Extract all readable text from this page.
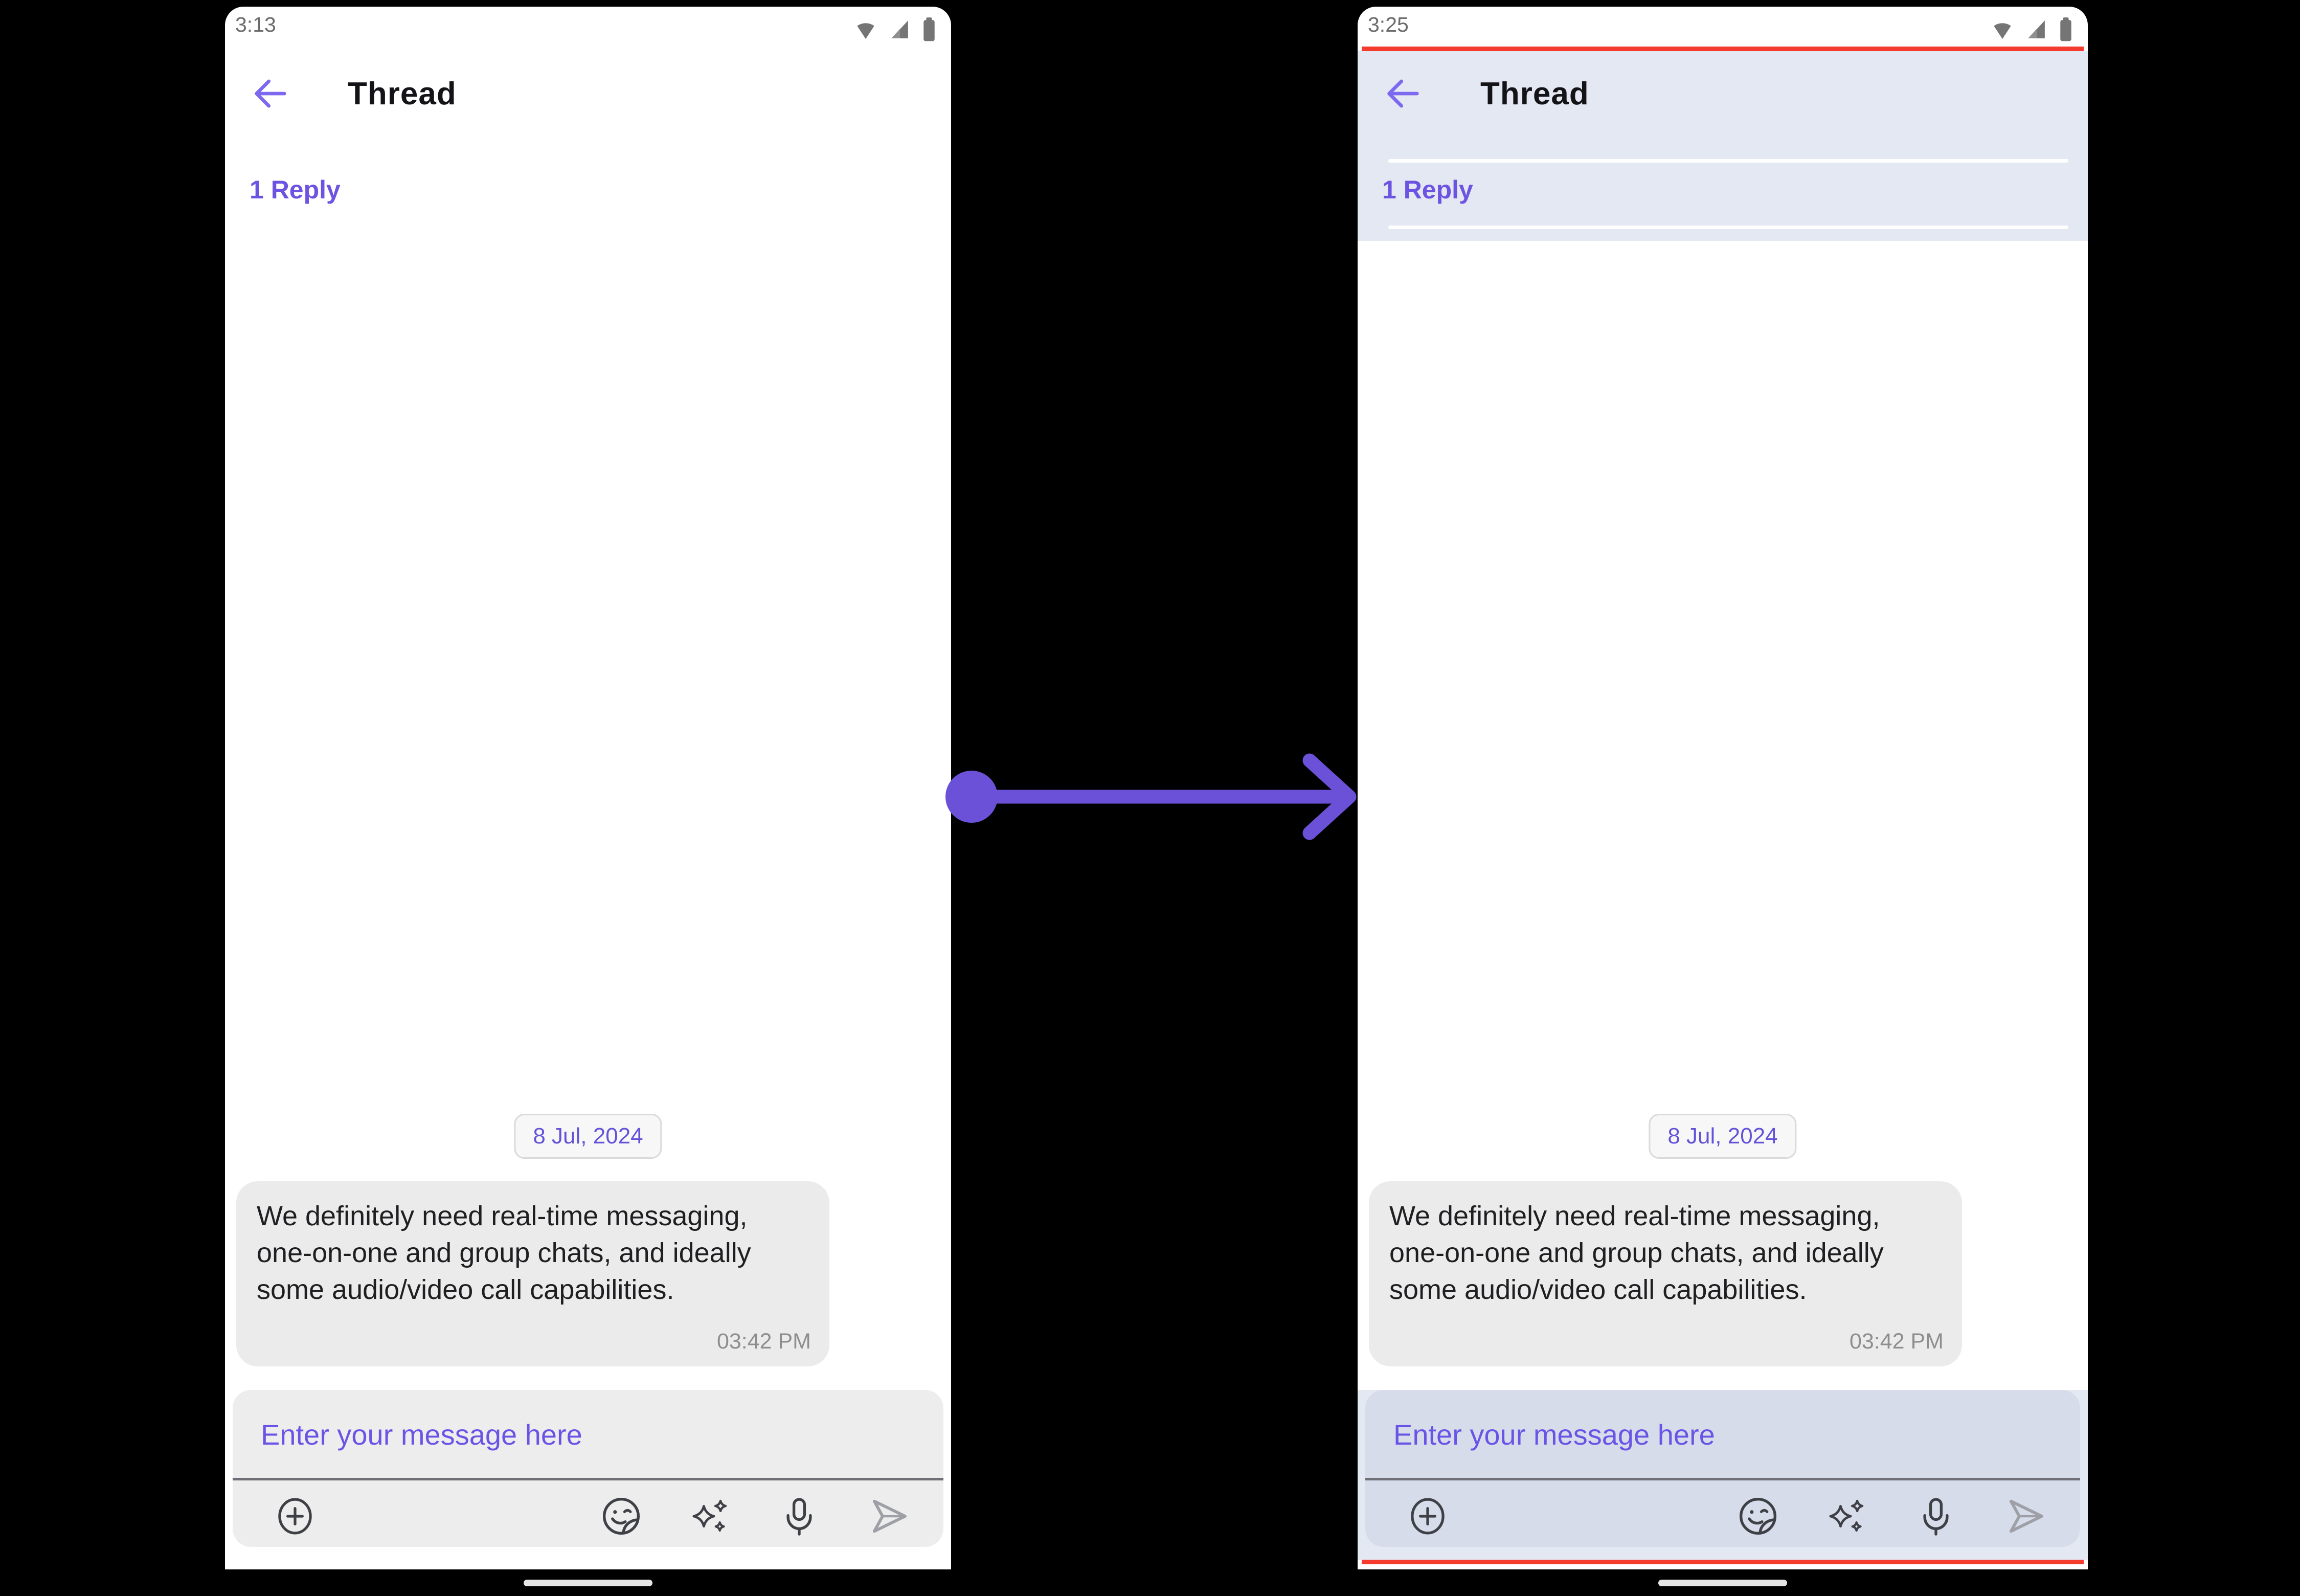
3:13
Thread
1 Reply
8 Jul, 2024
We definitely need real-time messaging, one-on-one and group chats, and ideally some audio/video call capabilities.
03:42 PM
Enter your message here
3:25
Thread
1 Reply
8 Jul, 2024
We definitely need real-time messaging, one-on-one and group chats, and ideally some audio/video call capabilities.
03:42 PM
Enter your message here
